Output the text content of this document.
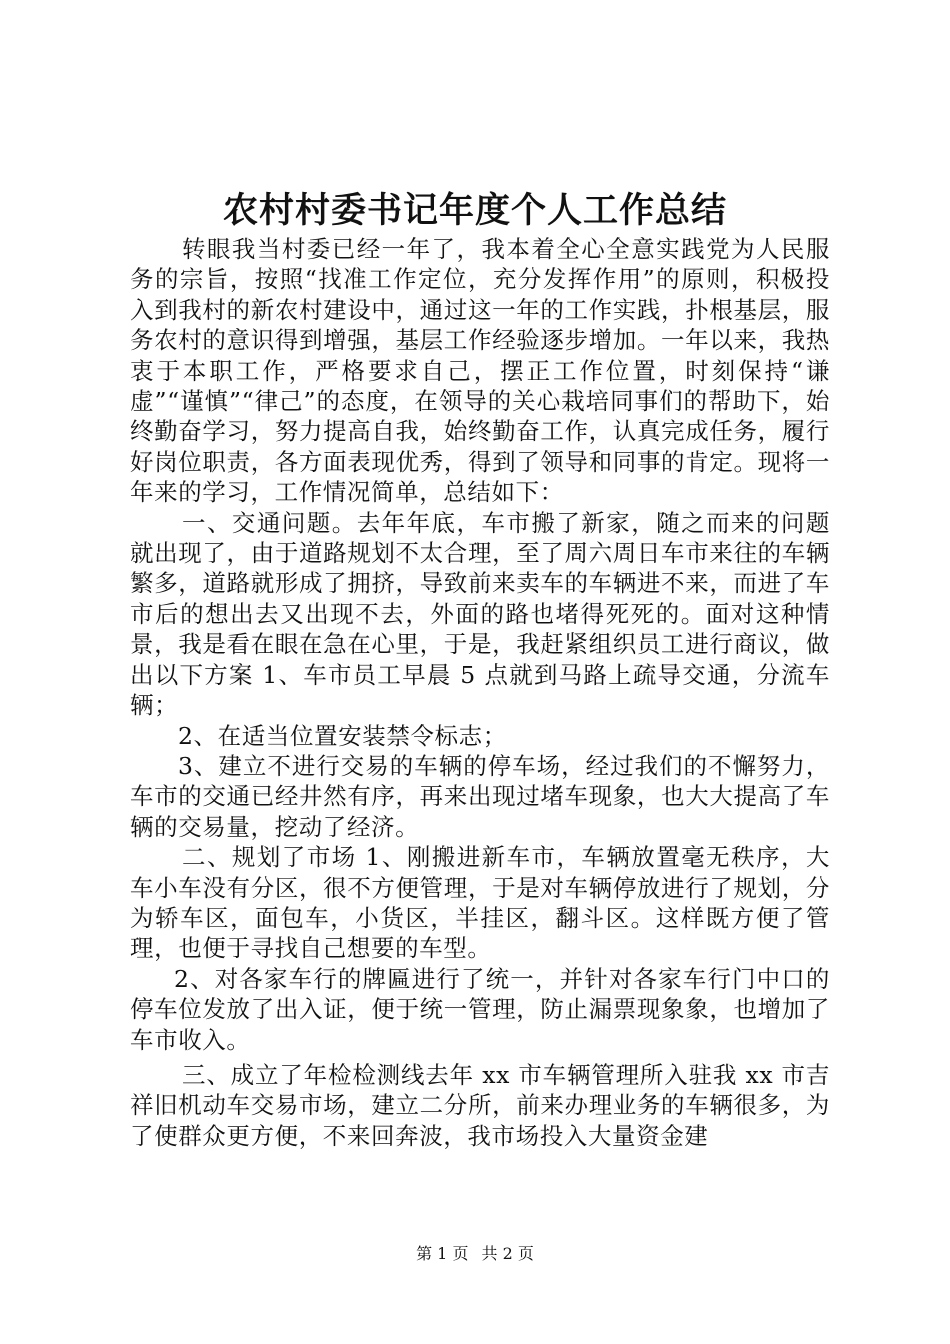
农村村委书记年度个人工作总结

转眼我当村委已经一年了，我本着全心全意实践党为人民服务的宗旨，按照“找准工作定位，充分发挥作用”的原则，积极投入到我村的新农村建设中，通过这一年的工作实践，扑根基层，服务农村的意识得到增强，基层工作经验逐步增加。一年以来，我热衷于本职工作，严格要求自己，摆正工作位置，时刻保持“谦虚”“谨慎”“律己”的态度，在领导的关心栽培同事们的帮助下，始终勤奋学习，努力提高自我，始终勤奋工作，认真完成任务，履行好岗位职责，各方面表现优秀，得到了领导和同事的肯定。现将一年来的学习，工作情况简单，总结如下：

一、交通问题。去年年底，车市搬了新家，随之而来的问题就出现了，由于道路规划不太合理，至了周六周日车市来往的车辆繁多，道路就形成了拥挤，导致前来卖车的车辆进不来，而进了车市后的想出去又出现不去，外面的路也堵得死死的。面对这种情景，我是看在眼在急在心里，于是，我赶紧组织员工进行商议，做出以下方案 1、车市员工早晨 5 点就到马路上疏导交通，分流车辆；

2、在适当位置安装禁令标志；

3、建立不进行交易的车辆的停车场，经过我们的不懈努力，车市的交通已经井然有序，再来出现过堵车现象，也大大提高了车辆的交易量，挖动了经济。

二、规划了市场 1、刚搬进新车市，车辆放置毫无秩序，大车小车没有分区，很不方便管理，于是对车辆停放进行了规划，分为轿车区，面包车，小货区，半挂区，翻斗区。这样既方便了管理，也便于寻找自己想要的车型。

2、对各家车行的牌匾进行了统一，并针对各家车行门中口的停车位发放了出入证，便于统一管理，防止漏票现象象，也增加了车市收入。

三、成立了年检检测线去年 xx 市车辆管理所入驻我 xx 市吉祥旧机动车交易市场，建立二分所，前来办理业务的车辆很多，为了使群众更方便，不来回奔波，我市场投入大量资金建

第 1 页 共 2 页
